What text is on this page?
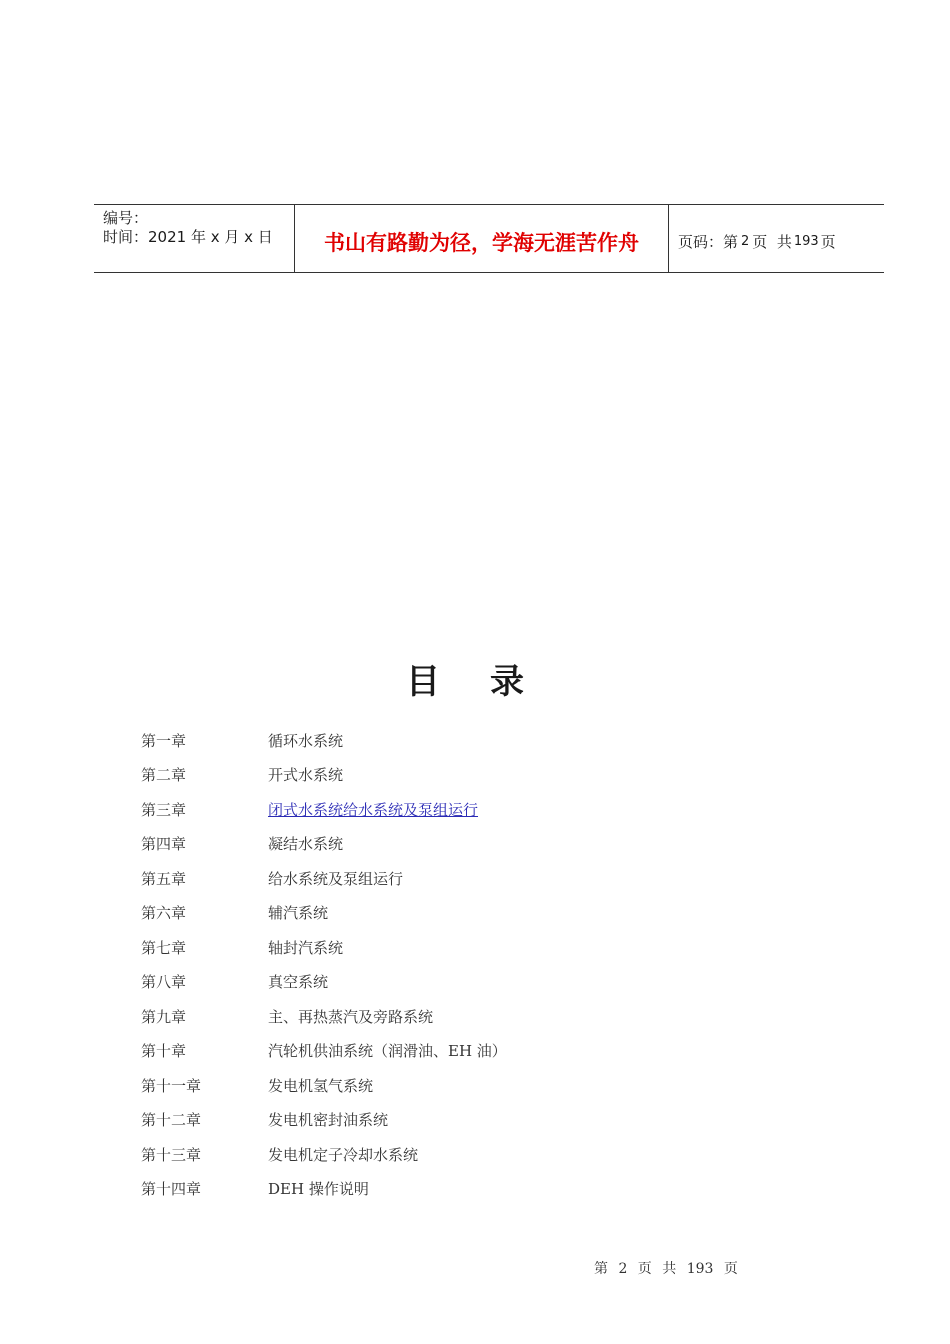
编号：
时间：2021 年 x 月 x 日 书山有路勤为径，学海无涯苦作舟	页码：第 2 页  共 193 页
目录
第一章	循环水系统
第二章	开式水系统
第三章	闭式水系统给水系统及泵组运行
第四章	凝结水系统
第五章	给水系统及泵组运行
第六章	辅汽系统
第七章	轴封汽系统
第八章	真空系统
第九章	主、再热蒸汽及旁路系统
第十章	汽轮机供油系统（润滑油、EH 油）
第十一章	发电机氢气系统
第十二章	发电机密封油系统
第十三章	发电机定子冷却水系统
第十四章	DEH 操作说明
第 2 页 共 193 页
